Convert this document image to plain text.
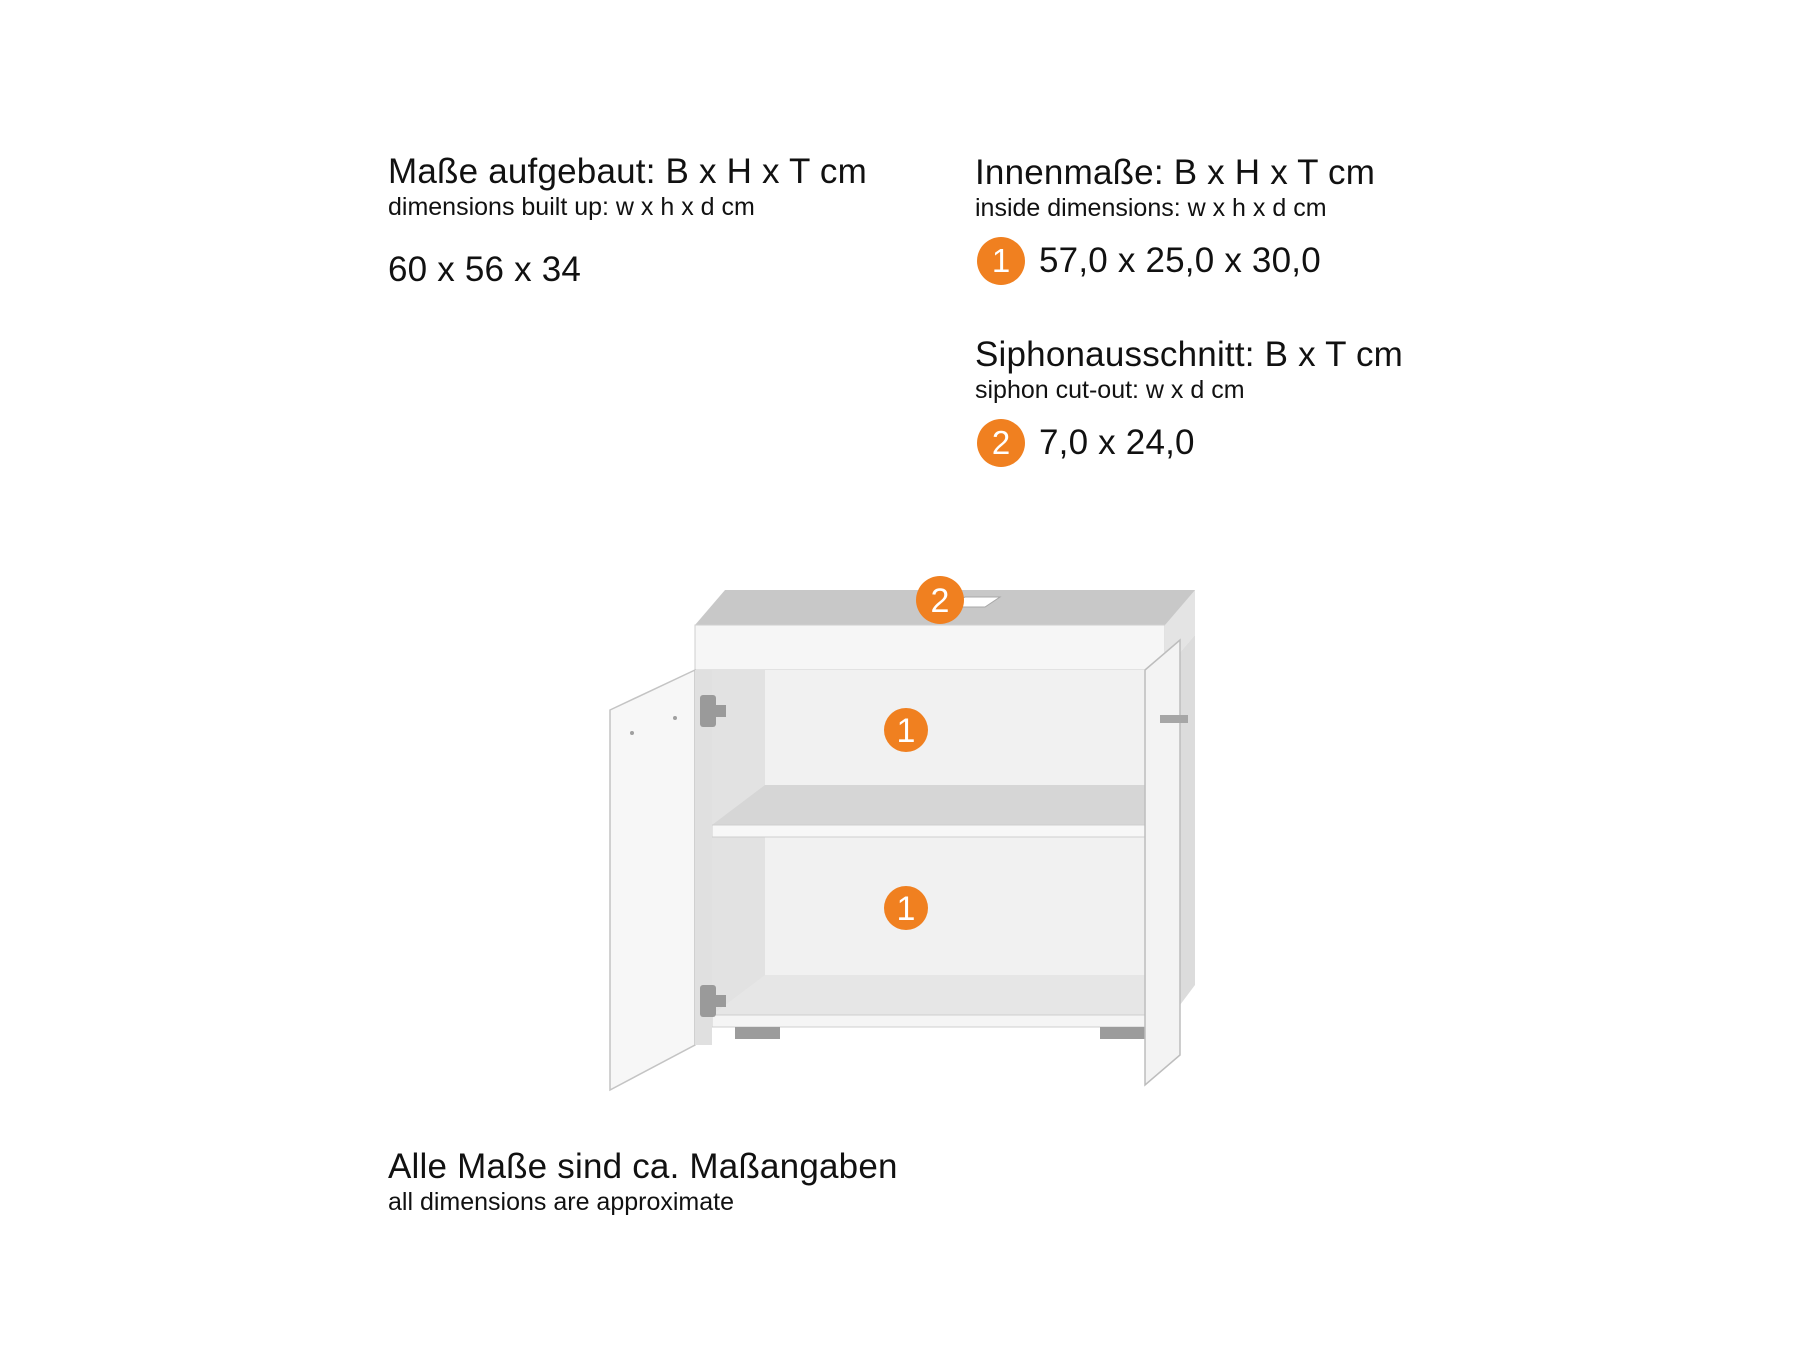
Maße aufgebaut: B x H x T cm
dimensions built up: w x h x d cm
60 x 56 x 34
Innenmaße: B x H x T cm
inside dimensions: w x h x d cm
1 57,0 x 25,0 x 30,0
Siphonausschnitt: B x T cm
siphon cut-out: w x d cm
2 7,0 x 24,0
2
1
1
Alle Maße sind ca. Maßangaben
all dimensions are approximate
